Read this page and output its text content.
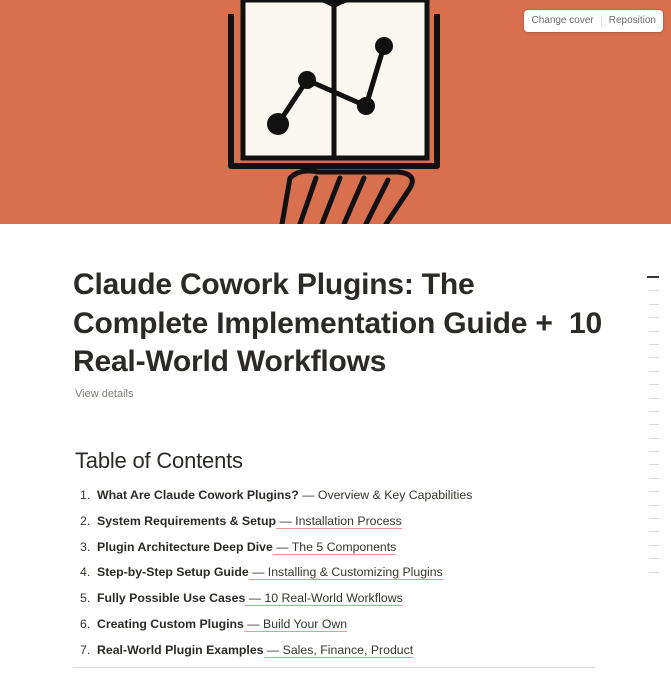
Change cover	Reposition
Claude Cowork Plugins: The Complete Implementation Guide +  10 Real-World Workflows
View details
Table of Contents
1. What Are Claude Cowork Plugins? — Overview & Key Capabilities
2. System Requirements & Setup — Installation Process
3. Plugin Architecture Deep Dive — The 5 Components
4. Step-by-Step Setup Guide — Installing & Customizing Plugins
5. Fully Possible Use Cases — 10 Real-World Workflows
6. Creating Custom Plugins — Build Your Own
7. Real-World Plugin Examples — Sales, Finance, Product
